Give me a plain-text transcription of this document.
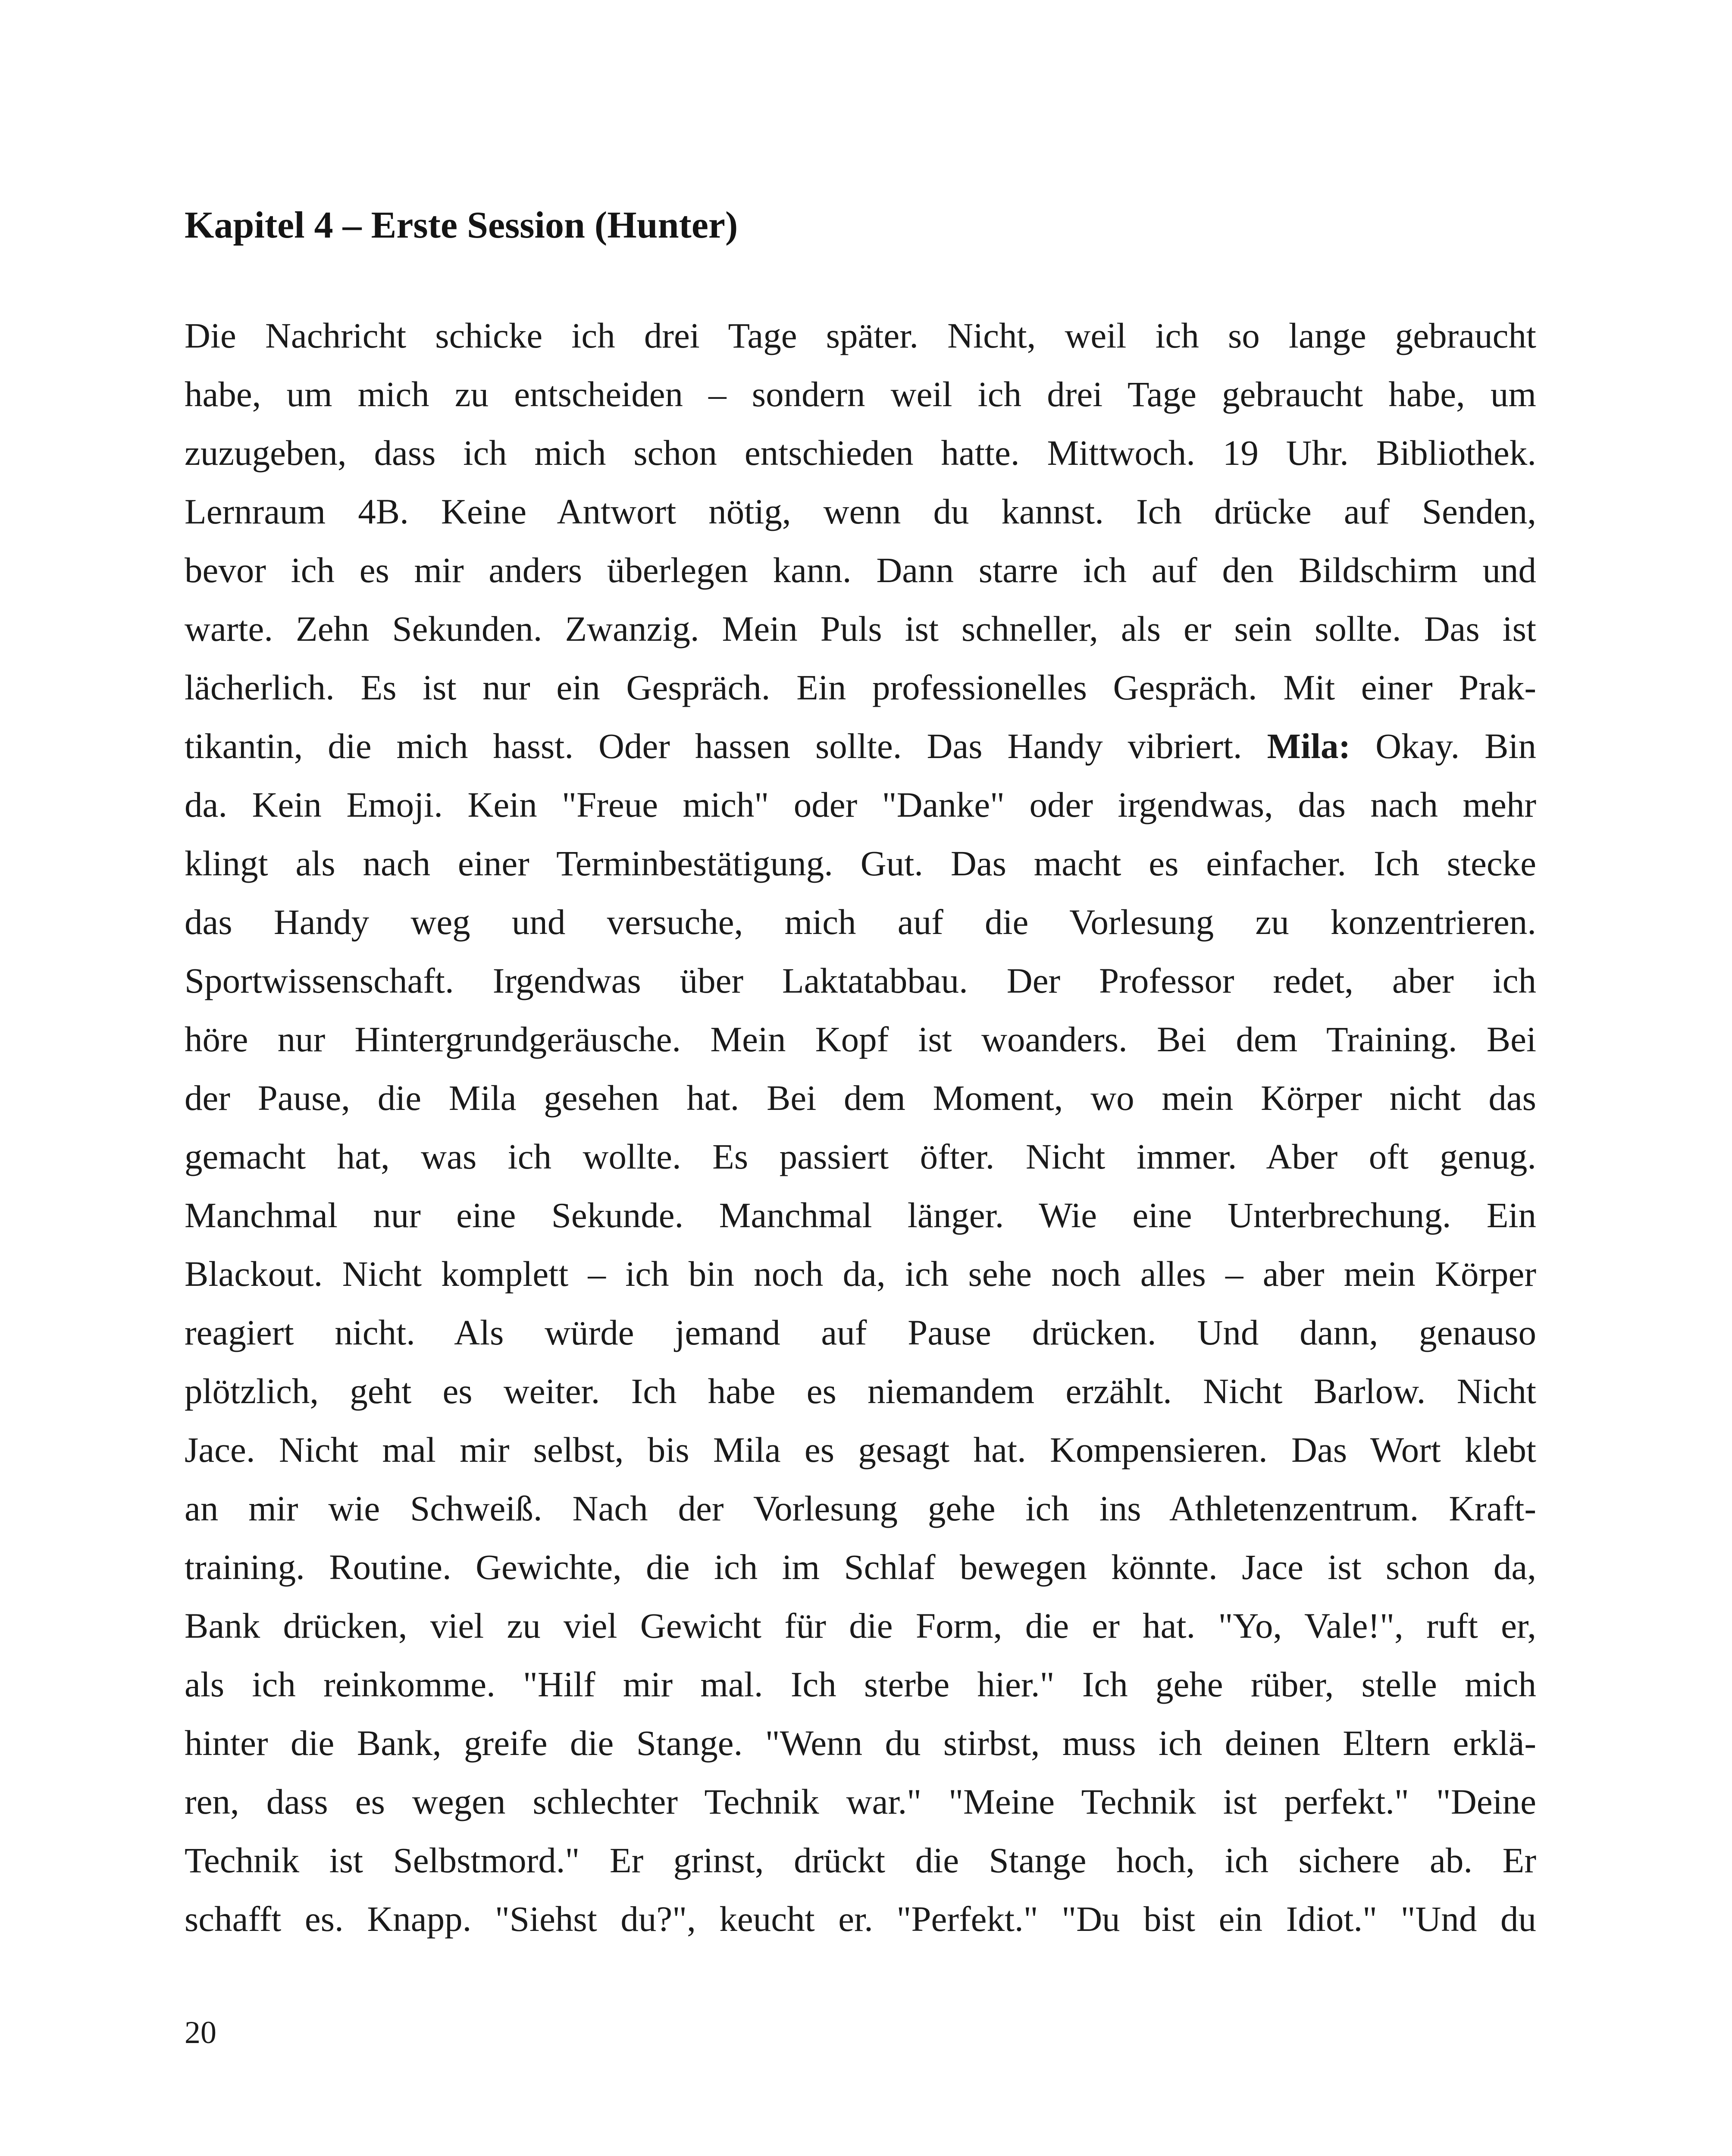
Kapitel 4 – Erste Session (Hunter)
Die Nachricht schicke ich drei Tage später. Nicht, weil ich so lange gebraucht
habe, um mich zu entscheiden – sondern weil ich drei Tage gebraucht habe, um
zuzugeben, dass ich mich schon entschieden hatte. Mittwoch. 19 Uhr. Bibliothek.
Lernraum 4B. Keine Antwort nötig, wenn du kannst. Ich drücke auf Senden,
bevor ich es mir anders überlegen kann. Dann starre ich auf den Bildschirm und
warte. Zehn Sekunden. Zwanzig. Mein Puls ist schneller, als er sein sollte. Das ist
lächerlich. Es ist nur ein Gespräch. Ein professionelles Gespräch. Mit einer Prak-
tikantin, die mich hasst. Oder hassen sollte. Das Handy vibriert. Mila: Okay. Bin
da. Kein Emoji. Kein "Freue mich" oder "Danke" oder irgendwas, das nach mehr
klingt als nach einer Terminbestätigung. Gut. Das macht es einfacher. Ich stecke
das Handy weg und versuche, mich auf die Vorlesung zu konzentrieren.
Sportwissenschaft. Irgendwas über Laktatabbau. Der Professor redet, aber ich
höre nur Hintergrundgeräusche. Mein Kopf ist woanders. Bei dem Training. Bei
der Pause, die Mila gesehen hat. Bei dem Moment, wo mein Körper nicht das
gemacht hat, was ich wollte. Es passiert öfter. Nicht immer. Aber oft genug.
Manchmal nur eine Sekunde. Manchmal länger. Wie eine Unterbrechung. Ein
Blackout. Nicht komplett – ich bin noch da, ich sehe noch alles – aber mein Körper
reagiert nicht. Als würde jemand auf Pause drücken. Und dann, genauso
plötzlich, geht es weiter. Ich habe es niemandem erzählt. Nicht Barlow. Nicht
Jace. Nicht mal mir selbst, bis Mila es gesagt hat. Kompensieren. Das Wort klebt
an mir wie Schweiß. Nach der Vorlesung gehe ich ins Athletenzentrum. Kraft-
training. Routine. Gewichte, die ich im Schlaf bewegen könnte. Jace ist schon da,
Bank drücken, viel zu viel Gewicht für die Form, die er hat. "Yo, Vale!", ruft er,
als ich reinkomme. "Hilf mir mal. Ich sterbe hier." Ich gehe rüber, stelle mich
hinter die Bank, greife die Stange. "Wenn du stirbst, muss ich deinen Eltern erklä-
ren, dass es wegen schlechter Technik war." "Meine Technik ist perfekt." "Deine
Technik ist Selbstmord." Er grinst, drückt die Stange hoch, ich sichere ab. Er
schafft es. Knapp. "Siehst du?", keucht er. "Perfekt." "Du bist ein Idiot." "Und du
20
